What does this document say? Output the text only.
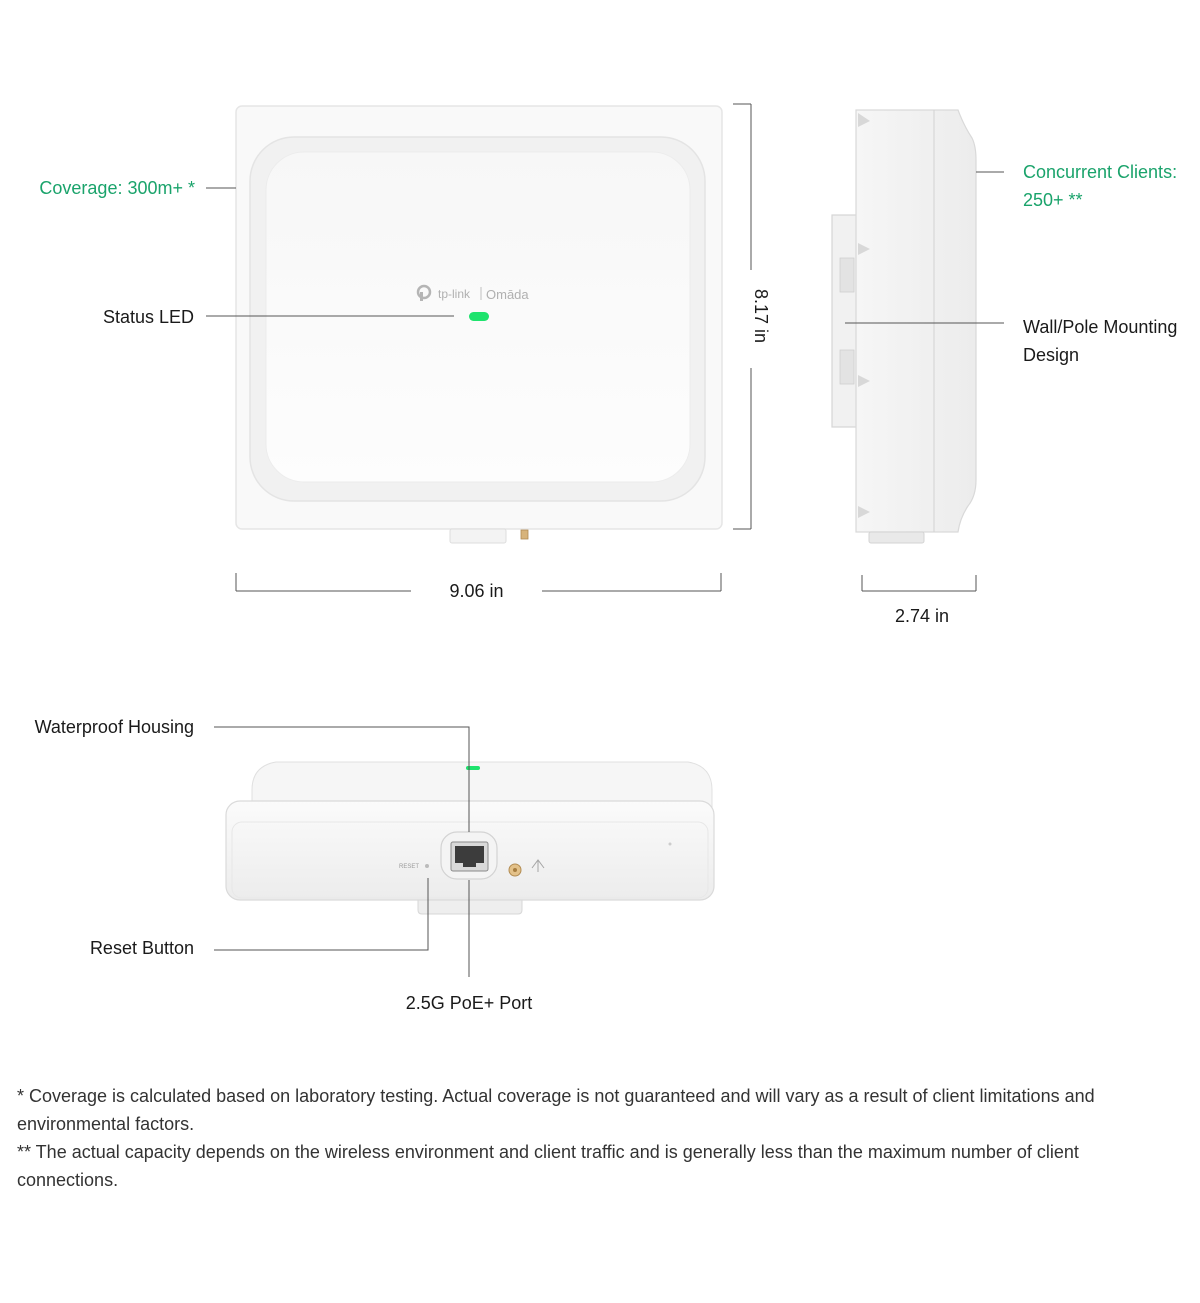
tp-link Omāda
RESET
Coverage: 300m+ *
Status LED
Concurrent Clients:
250+ **
Wall/Pole Mounting
Design
8.17 in
9.06 in
2.74 in
Waterproof Housing
Reset Button
2.5G PoE+ Port

* Coverage is calculated based on laboratory testing. Actual coverage is not guaranteed and will vary as a result of client limitations and environmental factors.

** The actual capacity depends on the wireless environment and client traffic and is generally less than the maximum number of client connections.
